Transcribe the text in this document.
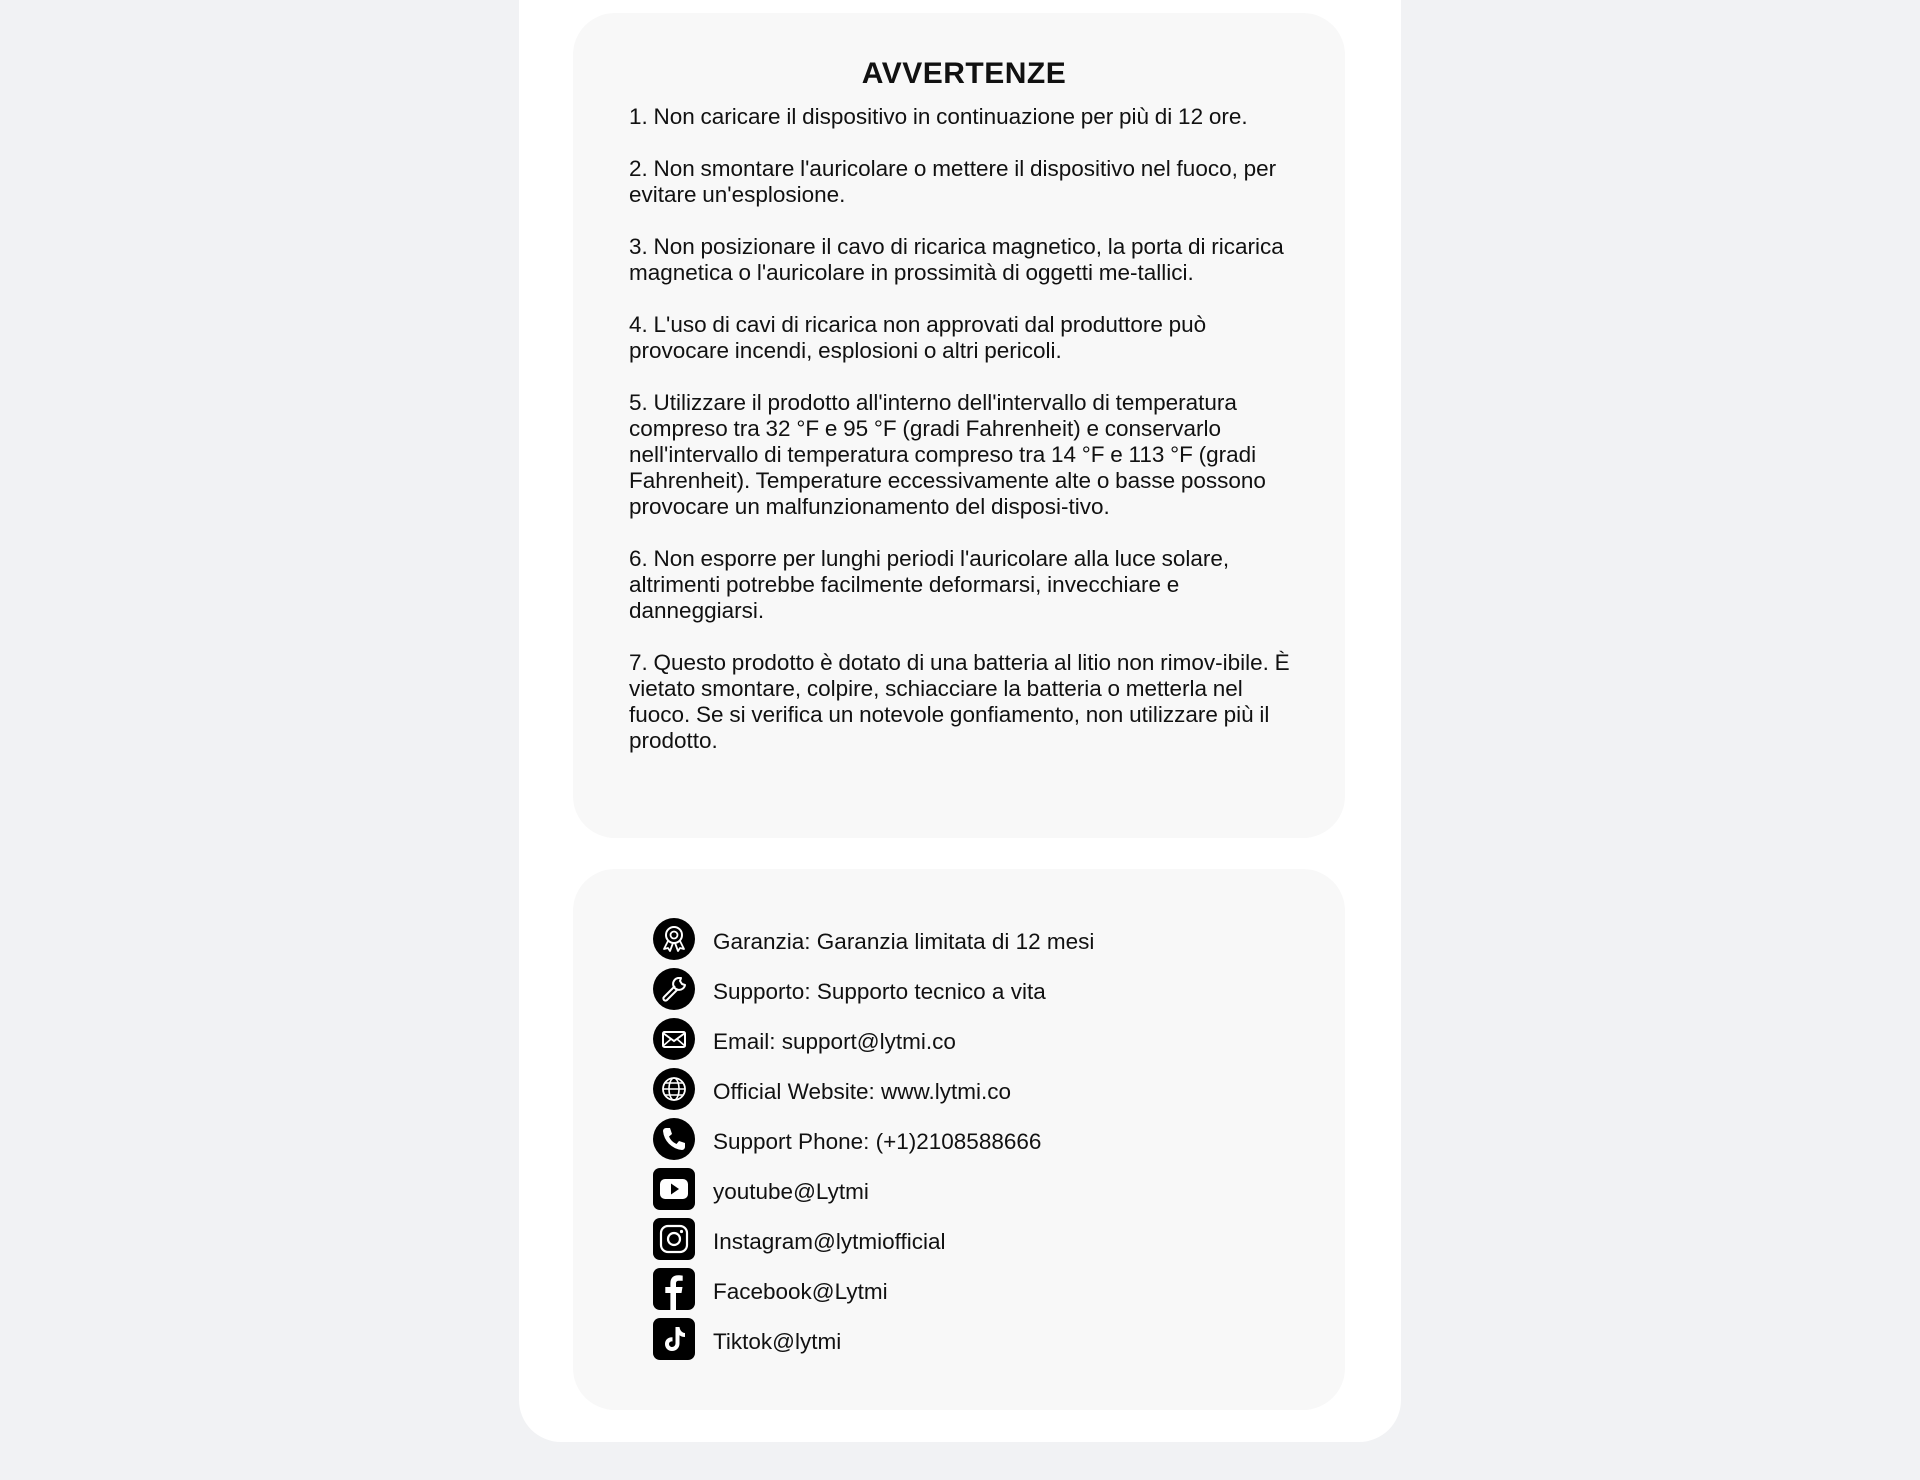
AVVERTENZE
1. Non caricare il dispositivo in continuazione per più di 12 ore.
2. Non smontare l'auricolare o mettere il dispositivo nel fuoco, per evitare un'esplosione.
3. Non posizionare il cavo di ricarica magnetico, la porta di ricarica magnetica o l'auricolare in prossimità di oggetti me-tallici.
4. L'uso di cavi di ricarica non approvati dal produttore può provocare incendi, esplosioni o altri pericoli.
5. Utilizzare il prodotto all'interno dell'intervallo di temperatura compreso tra 32 °F e 95 °F (gradi Fahrenheit) e conservarlo nell'intervallo di temperatura compreso tra 14 °F e 113 °F (gradi Fahrenheit). Temperature eccessivamente alte o basse possono provocare un malfunzionamento del disposi-tivo.
6. Non esporre per lunghi periodi l'auricolare alla luce solare, altrimenti potrebbe facilmente deformarsi, invecchiare e danneggiarsi.
7. Questo prodotto è dotato di una batteria al litio non rimov-ibile. È vietato smontare, colpire, schiacciare la batteria o metterla nel fuoco. Se si verifica un notevole gonfiamento, non utilizzare più il prodotto.
Garanzia: Garanzia limitata di 12 mesi
Supporto: Supporto tecnico a vita
Email: support@lytmi.co
Official Website: www.lytmi.co
Support Phone: (+1)2108588666
youtube@Lytmi
Instagram@lytmiofficial
Facebook@Lytmi
Tiktok@lytmi
